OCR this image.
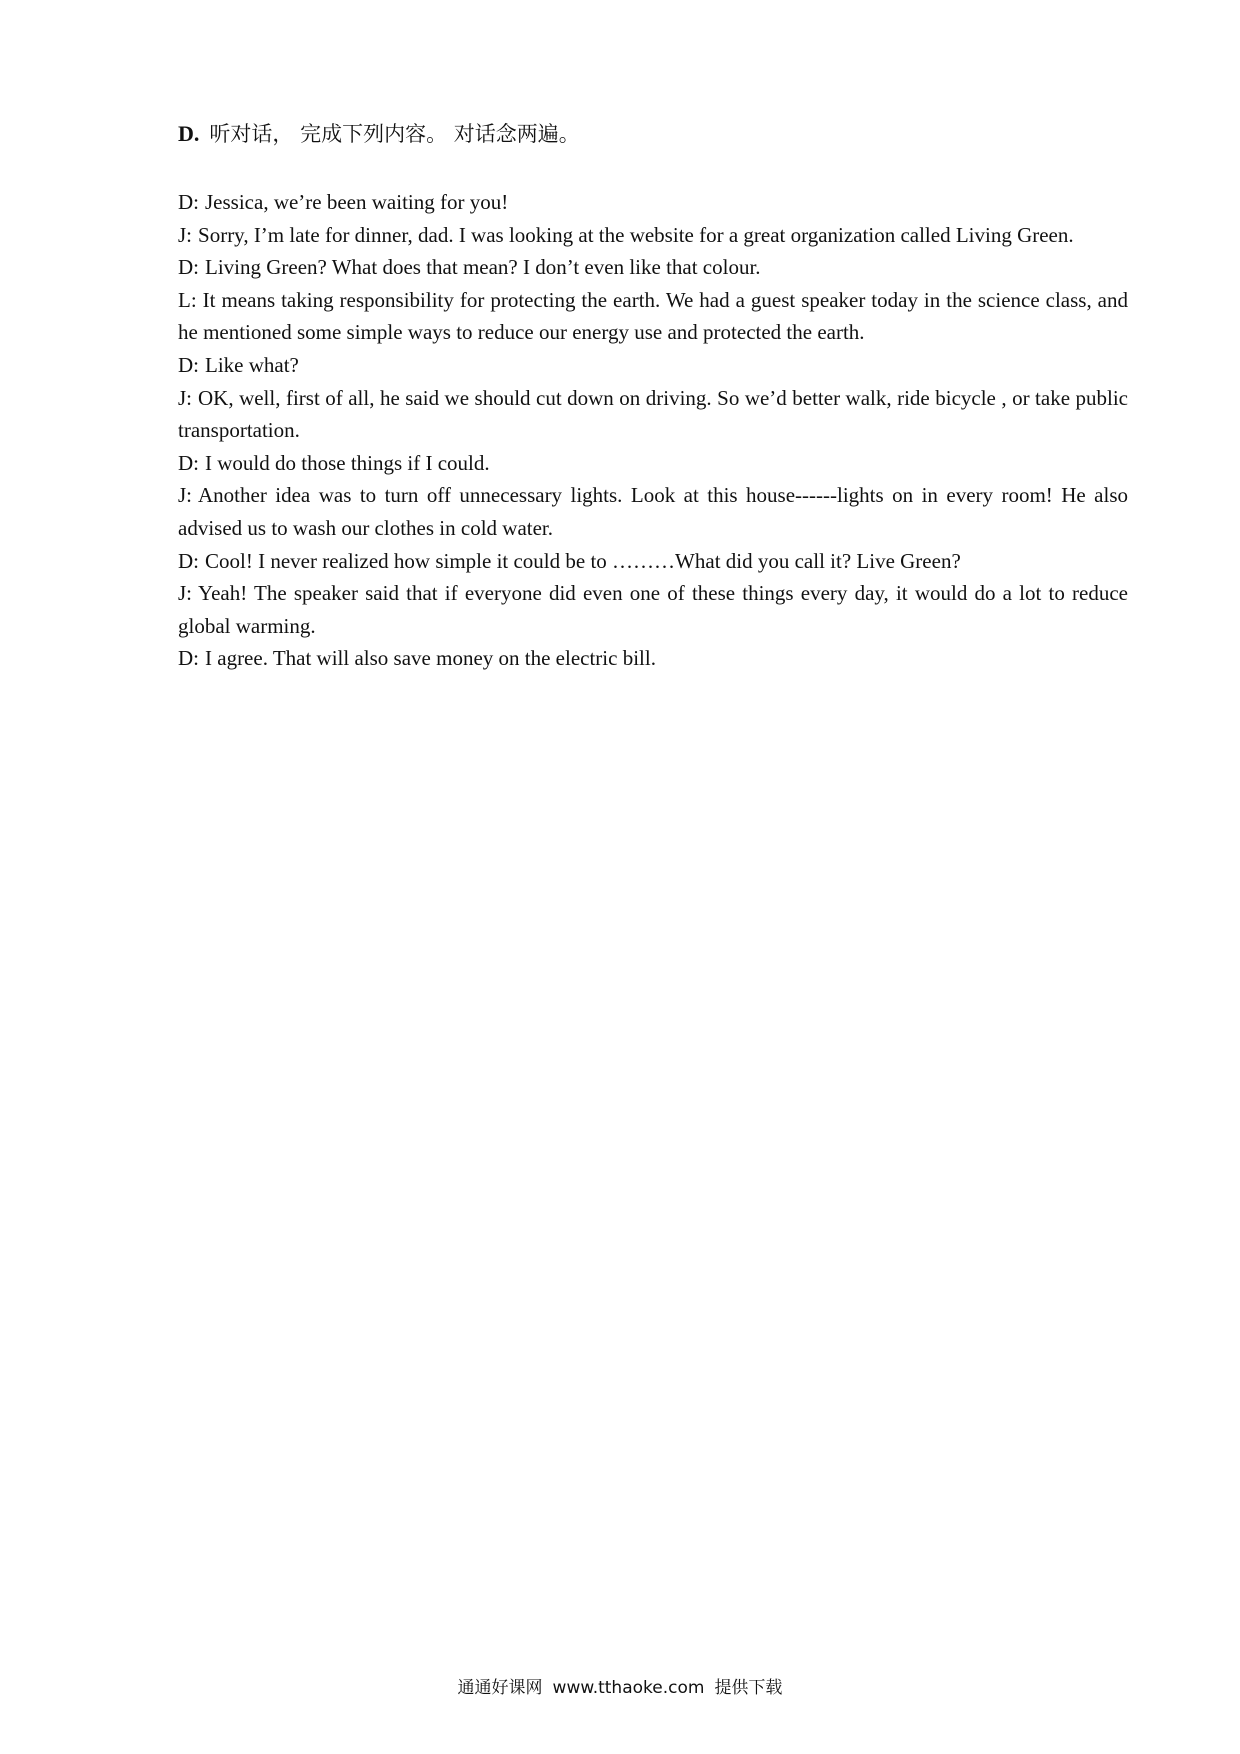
D. 听对话， 完成下列内容。 对话念两遍。

D: Jessica, we’re been waiting for you!

J: Sorry, I’m late for dinner, dad. I was looking at the website for a great organization called Living Green.

D: Living Green? What does that mean? I don’t even like that colour.

L: It means taking responsibility for protecting the earth. We had a guest speaker today in the science class, and he mentioned some simple ways to reduce our energy use and protected the earth.

D: Like what?

J: OK, well, first of all, he said we should cut down on driving. So we’d better walk, ride bicycle , or take public transportation.

D: I would do those things if I could.

J: Another idea was to turn off unnecessary lights. Look at this house------lights on in every room! He also advised us to wash our clothes in cold water.

D: Cool! I never realized how simple it could be to ………What did you call it? Live Green?

J: Yeah! The speaker said that if everyone did even one of these things every day, it would do a lot to reduce global warming.

D: I agree. That will also save money on the electric bill.

通通好课网 www.tthaoke.com 提供下载
